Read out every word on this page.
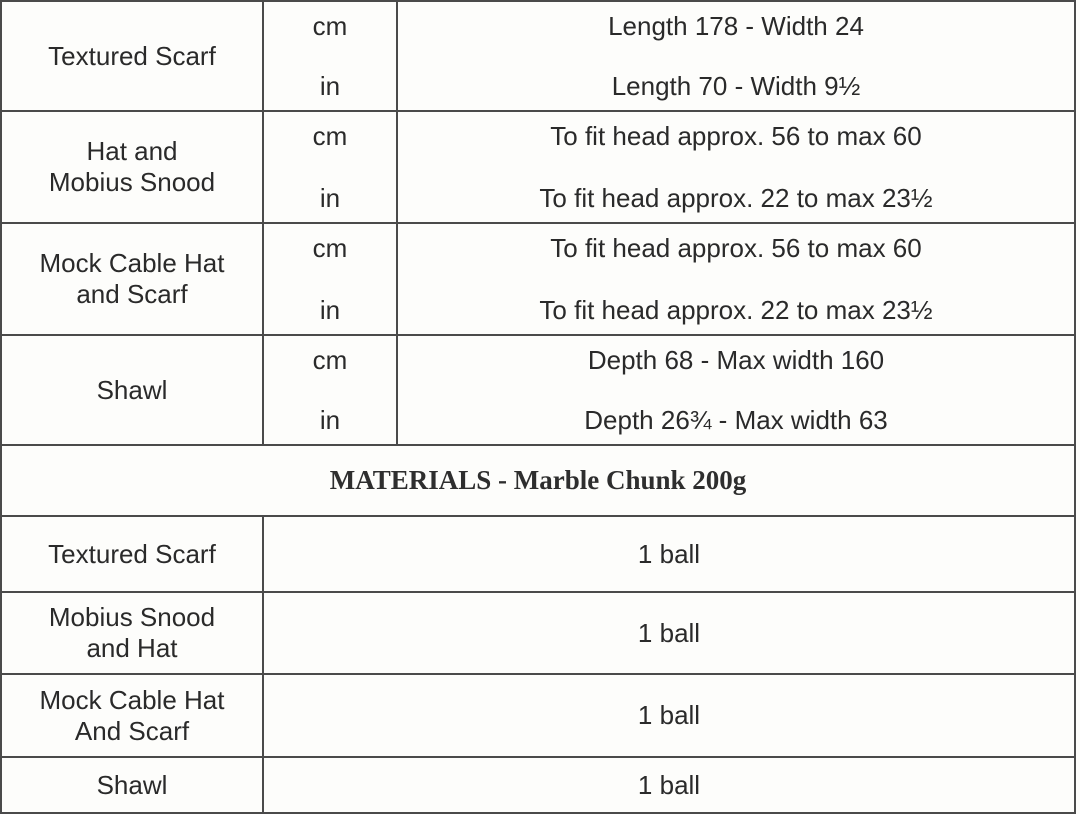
Textured Scarf	cm	Length 178 - Width 24
	in	Length 70 - Width 9½
Hat and
Mobius Snood	cm	To fit head approx. 56 to max 60
	in	To fit head approx. 22 to max 23½
Mock Cable Hat
and Scarf	cm	To fit head approx. 56 to max 60
	in	To fit head approx. 22 to max 23½
Shawl	cm	Depth 68 - Max width 160
	in	Depth 26¾ - Max width 63
MATERIALS - Marble Chunk 200g		
Textured Scarf	1 ball	
Mobius Snood
and Hat	1 ball	
Mock Cable Hat
And Scarf	1 ball	
Shawl	1 ball	
